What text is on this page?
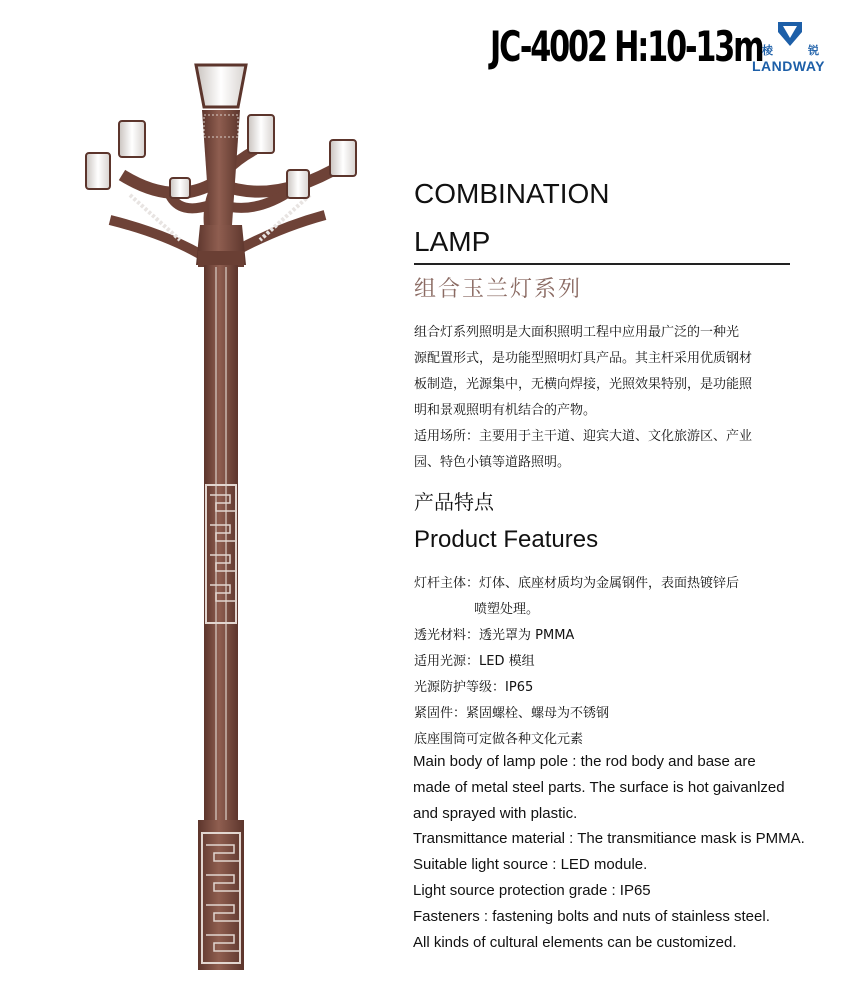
JC-4002 H:10-13m 棱	锐
LANDWAY
COMBINATION
LAMP
组合玉兰灯系列

组合灯系列照明是大面积照明工程中应用最广泛的一种光

源配置形式，是功能型照明灯具产品。其主杆采用优质钢材

板制造，光源集中，无横向焊接，光照效果特别，是功能照

明和景观照明有机结合的产物。

适用场所：主要用于主干道、迎宾大道、文化旅游区、产业

园、特色小镇等道路照明。

产品特点
Product Features
灯杆主体： 灯体、底座材质均为金属钢件，表面热镀锌后
喷塑处理。
透光材料： 透光罩为 PMMA
适用光源： LED 模组
光源防护等级： IP65
紧固件： 紧固螺栓、螺母为不锈钢
底座围筒可定做各种文化元素
Main body of lamp pole : the rod body and base are
made of metal steel parts. The surface is hot gaivanlzed
and sprayed with plastic.
Transmittance material : The transmitiance mask is PMMA.
Suitable light source : LED module.
Light source protection grade : IP65
Fasteners : fastening bolts and nuts of stainless steel.
All kinds of cultural elements can be customized.
